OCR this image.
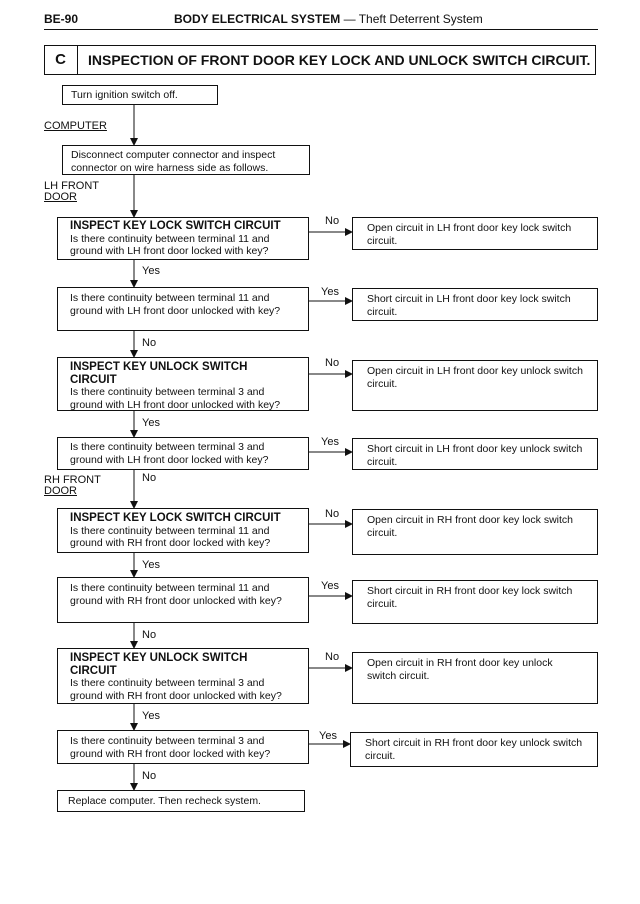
BE-90	BODY ELECTRICAL SYSTEM — Theft Deterrent System
C	INSPECTION OF FRONT DOOR KEY LOCK AND UNLOCK SWITCH CIRCUIT.
COMPUTER
LH FRONT
DOOR
RH FRONT
DOOR
Turn ignition switch off.
Disconnect computer connector and inspect connector on wire harness side as follows.
INSPECT KEY LOCK SWITCH CIRCUIT
Is there continuity between terminal 11 and ground with LH front door locked with key?
Is there continuity between terminal 11 and ground with LH front door unlocked with key?
INSPECT KEY UNLOCK SWITCH CIRCUIT
Is there continuity between terminal 3 and ground with LH front door unlocked with key?
Is there continuity between terminal 3 and ground with LH front door locked with key?
INSPECT KEY LOCK SWITCH CIRCUIT
Is there continuity between terminal 11 and ground with RH front door locked with key?
Is there continuity between terminal 11 and ground with RH front door unlocked with key?
INSPECT KEY UNLOCK SWITCH CIRCUIT
Is there continuity between terminal 3 and ground with RH front door unlocked with key?
Is there continuity between terminal 3 and ground with RH front door locked with key?
Replace computer. Then recheck system.
Open circuit in LH front door key lock switch circuit.
Short circuit in LH front door key lock switch circuit.
Open circuit in LH front door key unlock switch circuit.
Short circuit in LH front door key unlock switch circuit.
Open circuit in RH front door key lock switch circuit.
Short circuit in RH front door key lock switch circuit.
Open circuit in RH front door key unlock switch circuit.
Short circuit in RH front door key unlock switch circuit.
No
Yes
No
Yes
No
Yes
No
Yes
Yes
No
Yes
No
Yes
No
Yes
No
